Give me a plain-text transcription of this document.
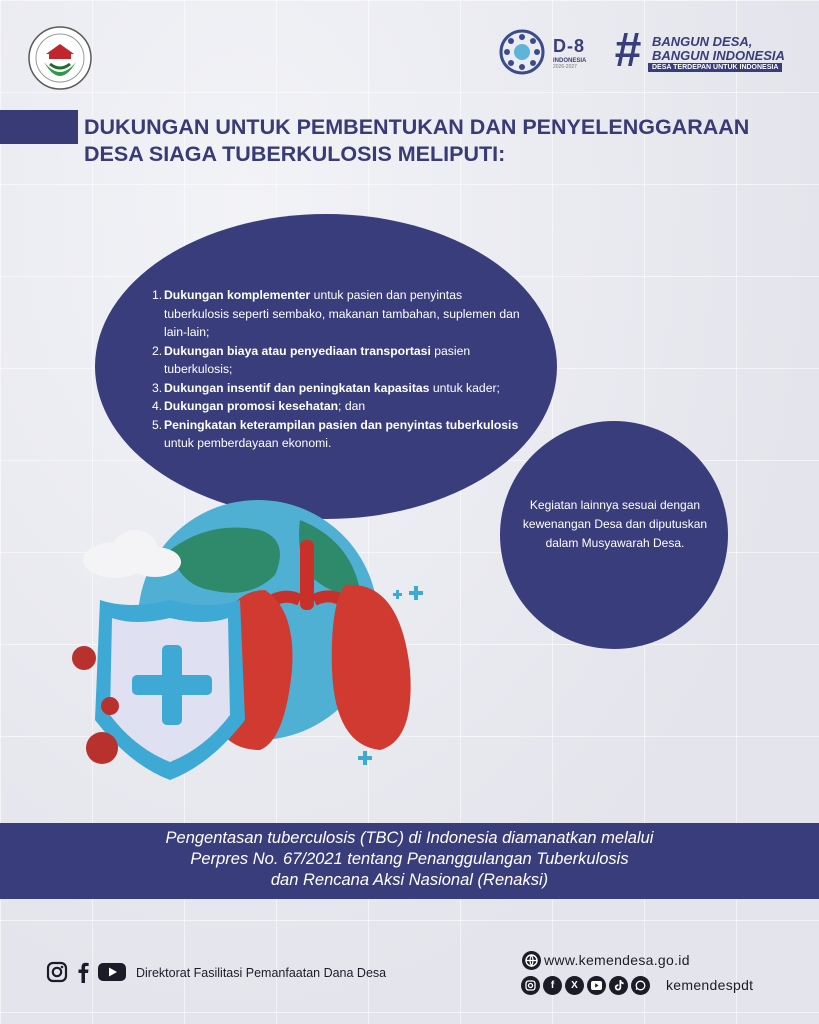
D-8
INDONESIA
2026-2027 # BANGUN DESA,
BANGUN INDONESIA
DESA TERDEPAN UNTUK INDONESIA
DUKUNGAN UNTUK PEMBENTUKAN DAN PENYELENGGARAAN DESA SIAGA TUBERKULOSIS MELIPUTI:
1. Dukungan komplementer untuk pasien dan penyintas tuberkulosis seperti sembako, makanan tambahan, suplemen dan lain-lain;
2. Dukungan biaya atau penyediaan transportasi pasien tuberkulosis;
3. Dukungan insentif dan peningkatan kapasitas untuk kader;
4. Dukungan promosi kesehatan; dan
5. Peningkatan keterampilan pasien dan penyintas tuberkulosis untuk pemberdayaan ekonomi.
Kegiatan lainnya sesuai dengan kewenangan Desa dan diputuskan dalam Musyawarah Desa.
Pengentasan tuberculosis (TBC) di Indonesia diamanatkan melalui
Perpres No. 67/2021 tentang Penanggulangan Tuberkulosis
dan Rencana Aksi Nasional (Renaksi)
Direktorat Fasilitasi Pemanfaatan Dana Desa
www.kemendesa.go.id
f	X	kemendespdt
